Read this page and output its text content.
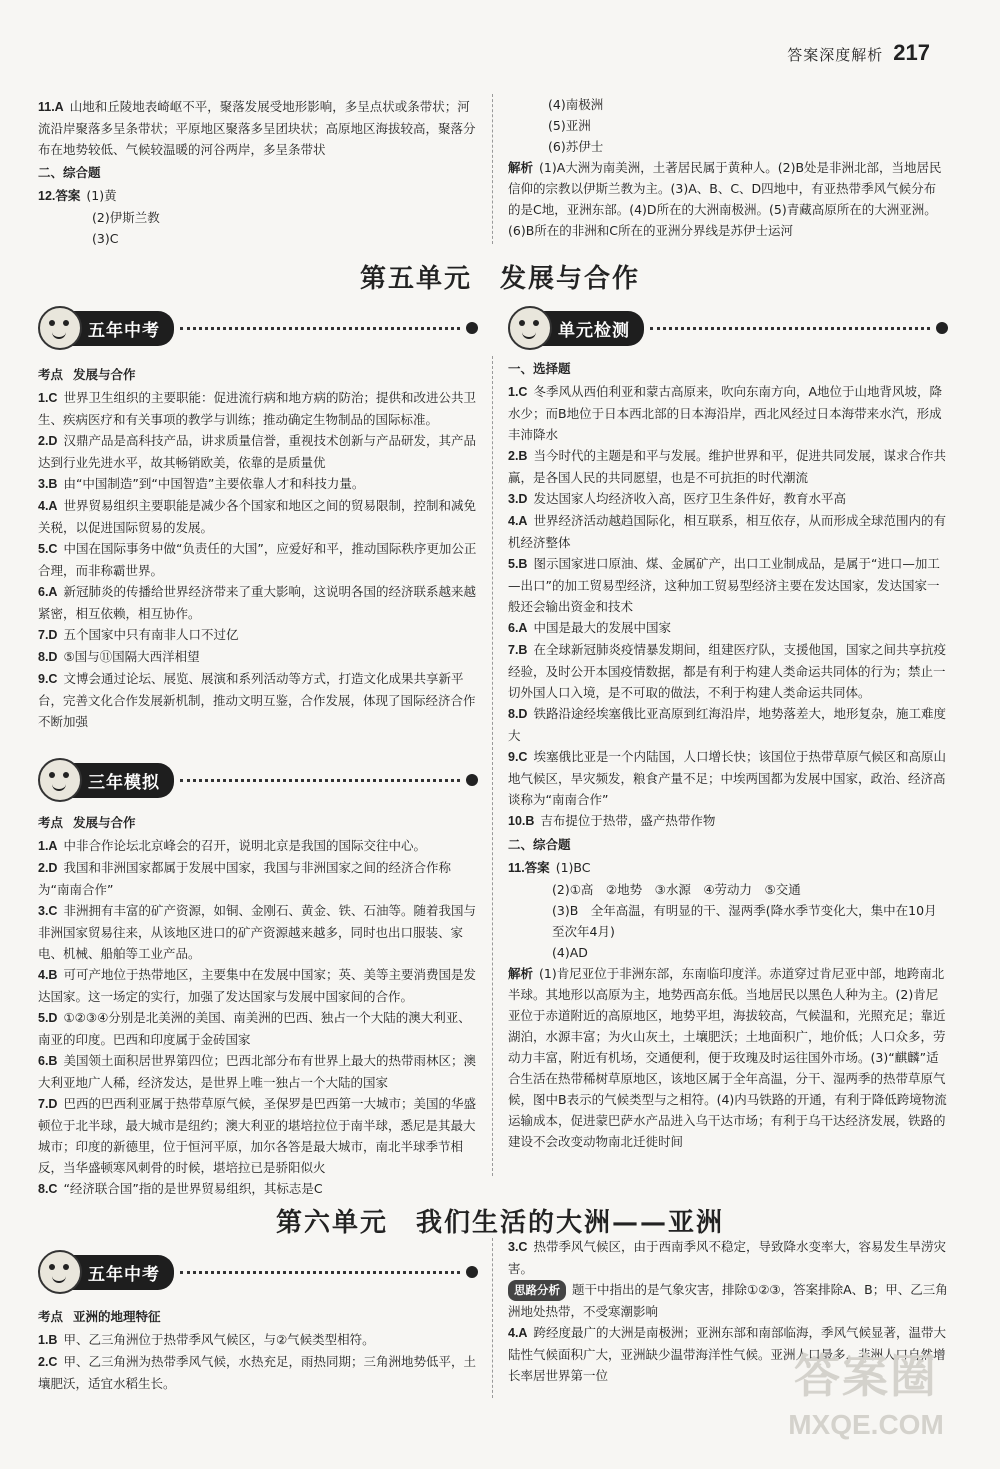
答案深度解析 217

11.A 山地和丘陵地表崎岖不平，聚落发展受地形影响，多呈点状或条带状；河流沿岸聚落多呈条带状；平原地区聚落多呈团块状；高原地区海拔较高，聚落分布在地势较低、气候较温暖的河谷两岸，多呈条带状

二、综合题

12.答案 (1)黄

(2)伊斯兰教

(3)C

(4)南极洲

(5)亚洲

(6)苏伊士

解析 (1)A大洲为南美洲，土著居民属于黄种人。(2)B处是非洲北部，当地居民信仰的宗教以伊斯兰教为主。(3)A、B、C、D四地中，有亚热带季风气候分布的是C地，亚洲东部。(4)D所在的大洲南极洲。(5)青藏高原所在的大洲亚洲。(6)B所在的非洲和C所在的亚洲分界线是苏伊士运河

第五单元 发展与合作
五年中考	单元检测

考点 发展与合作

1.C 世界卫生组织的主要职能：促进流行病和地方病的防治；提供和改进公共卫生、疾病医疗和有关事项的教学与训练；推动确定生物制品的国际标准。

2.D 汉鼎产品是高科技产品，讲求质量信誉，重视技术创新与产品研发，其产品达到行业先进水平，故其畅销欧美，依靠的是质量优

3.B 由“中国制造”到“中国智造”主要依靠人才和科技力量。

4.A 世界贸易组织主要职能是减少各个国家和地区之间的贸易限制，控制和减免关税，以促进国际贸易的发展。

5.C 中国在国际事务中做“负责任的大国”，应爱好和平，推动国际秩序更加公正合理，而非称霸世界。

6.A 新冠肺炎的传播给世界经济带来了重大影响，这说明各国的经济联系越来越紧密，相互依赖，相互协作。

7.D 五个国家中只有南非人口不过亿

8.D ⑤国与⑪国隔大西洋相望

9.C 文博会通过论坛、展览、展演和系列活动等方式，打造文化成果共享新平台，完善文化合作发展新机制，推动文明互鉴，合作发展，体现了国际经济合作不断加强

三年模拟

考点 发展与合作

1.A 中非合作论坛北京峰会的召开，说明北京是我国的国际交往中心。

2.D 我国和非洲国家都属于发展中国家，我国与非洲国家之间的经济合作称为“南南合作”

3.C 非洲拥有丰富的矿产资源，如铜、金刚石、黄金、铁、石油等。随着我国与非洲国家贸易往来，从该地区进口的矿产资源越来越多，同时也出口服装、家电、机械、船舶等工业产品。

4.B 可可产地位于热带地区，主要集中在发展中国家；英、美等主要消费国是发达国家。这一场定的实行，加强了发达国家与发展中国家间的合作。

5.D ①②③④分别是北美洲的美国、南美洲的巴西、独占一个大陆的澳大利亚、南亚的印度。巴西和印度属于金砖国家

6.B 美国领土面积居世界第四位；巴西北部分布有世界上最大的热带雨林区；澳大利亚地广人稀，经济发达，是世界上唯一独占一个大陆的国家

7.D 巴西的巴西利亚属于热带草原气候，圣保罗是巴西第一大城市；美国的华盛顿位于北半球，最大城市是纽约；澳大利亚的堪培拉位于南半球，悉尼是其最大城市；印度的新德里，位于恒河平原，加尔各答是最大城市，南北半球季节相反，当华盛顿寒风刺骨的时候，堪培拉已是骄阳似火

8.C “经济联合国”指的是世界贸易组织，其标志是C

一、选择题

1.C 冬季风从西伯利亚和蒙古高原来，吹向东南方向，A地位于山地背风坡，降水少；而B地位于日本西北部的日本海沿岸，西北风经过日本海带来水汽，形成丰沛降水

2.B 当今时代的主题是和平与发展。维护世界和平，促进共同发展，谋求合作共赢，是各国人民的共同愿望，也是不可抗拒的时代潮流

3.D 发达国家人均经济收入高，医疗卫生条件好，教育水平高

4.A 世界经济活动越趋国际化，相互联系，相互依存，从而形成全球范围内的有机经济整体

5.B 图示国家进口原油、煤、金属矿产，出口工业制成品，是属于“进口—加工—出口”的加工贸易型经济，这种加工贸易型经济主要在发达国家，发达国家一般还会输出资金和技术

6.A 中国是最大的发展中国家

7.B 在全球新冠肺炎疫情暴发期间，组建医疗队，支援他国，国家之间共享抗疫经验，及时公开本国疫情数据，都是有利于构建人类命运共同体的行为；禁止一切外国人口入境，是不可取的做法，不利于构建人类命运共同体。

8.D 铁路沿途经埃塞俄比亚高原到红海沿岸，地势落差大，地形复杂，施工难度大

9.C 埃塞俄比亚是一个内陆国，人口增长快；该国位于热带草原气候区和高原山地气候区，旱灾频发，粮食产量不足；中埃两国都为发展中国家，政治、经济高谈称为“南南合作”

10.B 吉布提位于热带，盛产热带作物

二、综合题

11.答案 (1)BC

(2)①高　②地势　③水源　④劳动力　⑤交通

(3)B　全年高温，有明显的干、湿两季(降水季节变化大，集中在10月至次年4月)

(4)AD

解析 (1)肯尼亚位于非洲东部，东南临印度洋。赤道穿过肯尼亚中部，地跨南北半球。其地形以高原为主，地势西高东低。当地居民以黑色人种为主。(2)肯尼亚位于赤道附近的高原地区，地势平坦，海拔较高，气候温和，光照充足；靠近湖泊，水源丰富；为火山灰土，土壤肥沃；土地面积广，地价低；人口众多，劳动力丰富，附近有机场，交通便利，便于玫瑰及时运往国外市场。(3)“麒麟”适合生活在热带稀树草原地区，该地区属于全年高温，分干、湿两季的热带草原气候，图中B表示的气候类型与之相符。(4)内马铁路的开通，有利于降低跨境物流运输成本，促进蒙巴萨水产品进入乌干达市场；有利于乌干达经济发展，铁路的建设不会改变动物南北迁徙时间

第六单元 我们生活的大洲——亚洲
五年中考

考点 亚洲的地理特征

1.B 甲、乙三角洲位于热带季风气候区，与②气候类型相符。

2.C 甲、乙三角洲为热带季风气候，水热充足，雨热同期；三角洲地势低平，土壤肥沃，适宜水稻生长。

3.C 热带季风气候区，由于西南季风不稳定，导致降水变率大，容易发生旱涝灾害。

思路分析 题干中指出的是气象灾害，排除①②③，答案排除A、B；甲、乙三角洲地处热带，不受寒潮影响

4.A 跨经度最广的大洲是南极洲；亚洲东部和南部临海，季风气候显著，温带大陆性气候面积广大，亚洲缺少温带海洋性气候。亚洲人口最多，非洲人口自然增长率居世界第一位	答案圈
MXQE.COM
